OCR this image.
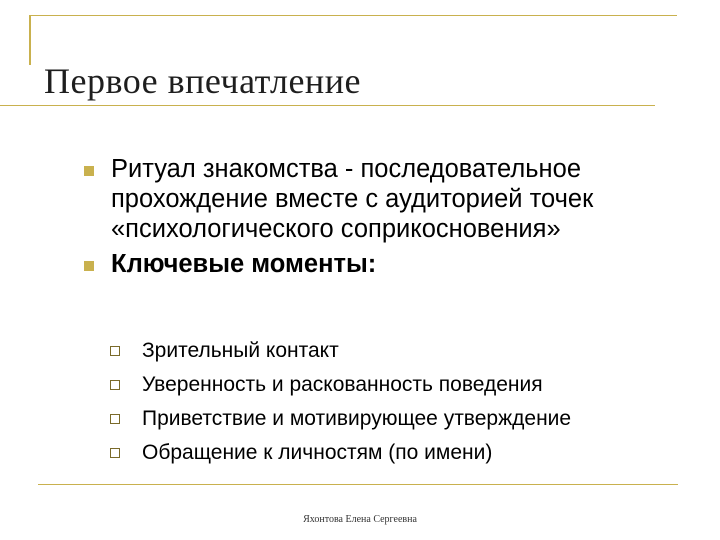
Первое впечатление
Ритуал знакомства - последовательное прохождение вместе с аудиторией точек «психологического соприкосновения»
Ключевые моменты:
Зрительный контакт
Уверенность и раскованность поведения
Приветствие и мотивирующее утверждение
Обращение к личностям (по имени)
Яхонтова Елена Сергеевна
